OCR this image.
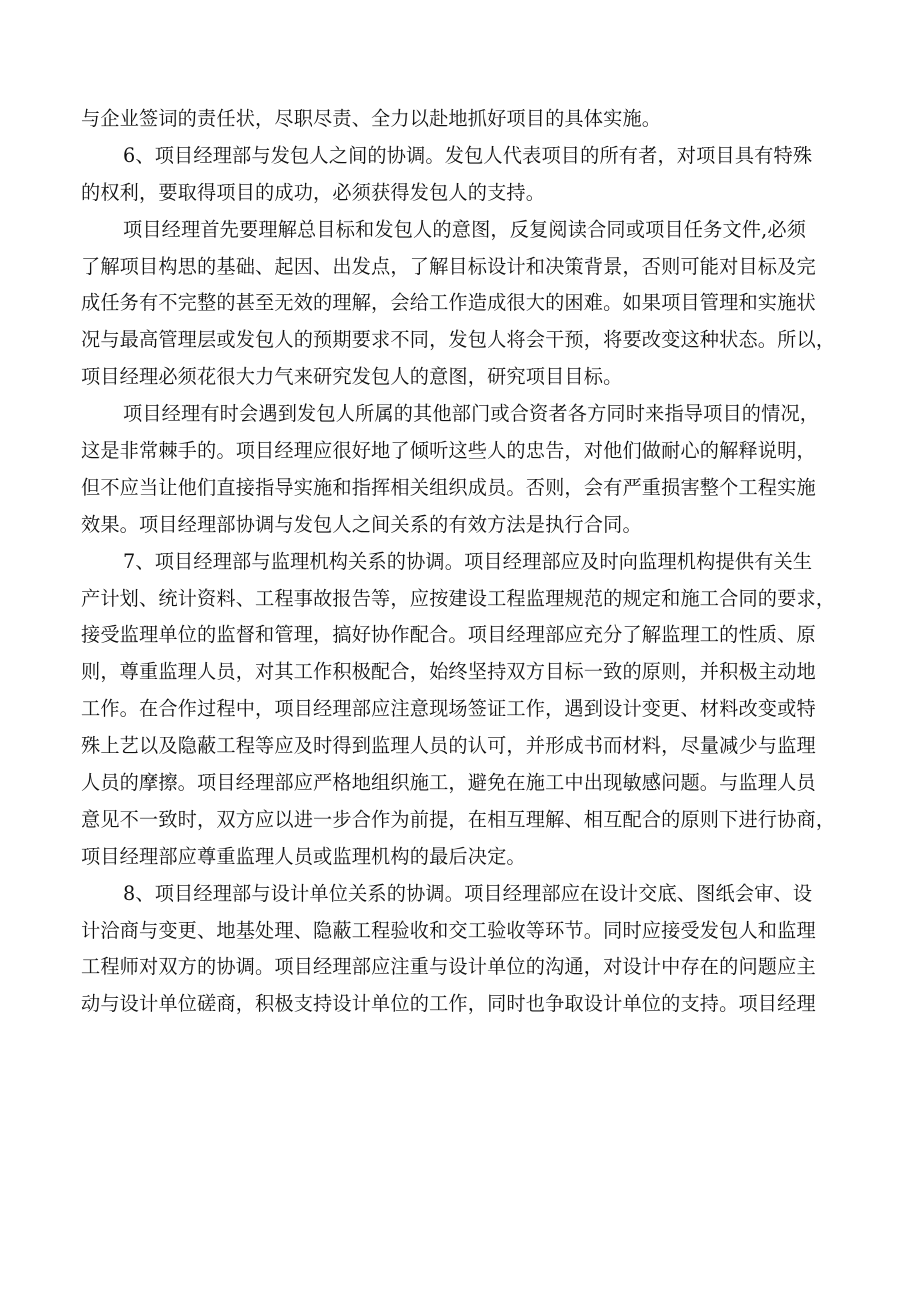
与企业签词的责任状，尽职尽责、全力以赴地抓好项目的具体实施。
6、项目经理部与发包人之间的协调。发包人代表项目的所有者，对项目具有特殊
的权利，要取得项目的成功，必须获得发包人的支持。
项目经理首先要理解总目标和发包人的意图，反复阅读合同或项目任务文件,必须
了解项目构思的基础、起因、出发点，了解目标设计和决策背景，否则可能对目标及完
成任务有不完整的甚至无效的理解，会给工作造成很大的困难。如果项目管理和实施状
况与最高管理层或发包人的预期要求不同，发包人将会干预，将要改变这种状态。所以，
项目经理必须花很大力气来研究发包人的意图，研究项目目标。
项目经理有时会遇到发包人所属的其他部门或合资者各方同时来指导项目的情况，
这是非常棘手的。项目经理应很好地了倾听这些人的忠告，对他们做耐心的解释说明，
但不应当让他们直接指导实施和指挥相关组织成员。否则，会有严重损害整个工程实施
效果。项目经理部协调与发包人之间关系的有效方法是执行合同。
7、项目经理部与监理机构关系的协调。项目经理部应及时向监理机构提供有关生
产计划、统计资料、工程事故报告等，应按建设工程监理规范的规定和施工合同的要求，
接受监理单位的监督和管理，搞好协作配合。项目经理部应充分了解监理工的性质、原
则，尊重监理人员，对其工作积极配合，始终坚持双方目标一致的原则，并积极主动地
工作。在合作过程中，项目经理部应注意现场签证工作，遇到设计变更、材料改变或特
殊上艺以及隐蔽工程等应及时得到监理人员的认可，并形成书而材料，尽量减少与监理
人员的摩擦。项目经理部应严格地组织施工，避免在施工中出现敏感问题。与监理人员
意见不一致时，双方应以进一步合作为前提，在相互理解、相互配合的原则下进行协商，
项目经理部应尊重监理人员或监理机构的最后决定。
8、项目经理部与设计单位关系的协调。项目经理部应在设计交底、图纸会审、设
计洽商与变更、地基处理、隐蔽工程验收和交工验收等环节。同时应接受发包人和监理
工程师对双方的协调。项目经理部应注重与设计单位的沟通，对设计中存在的问题应主
动与设计单位磋商，积极支持设计单位的工作，同时也争取设计单位的支持。项目经理
